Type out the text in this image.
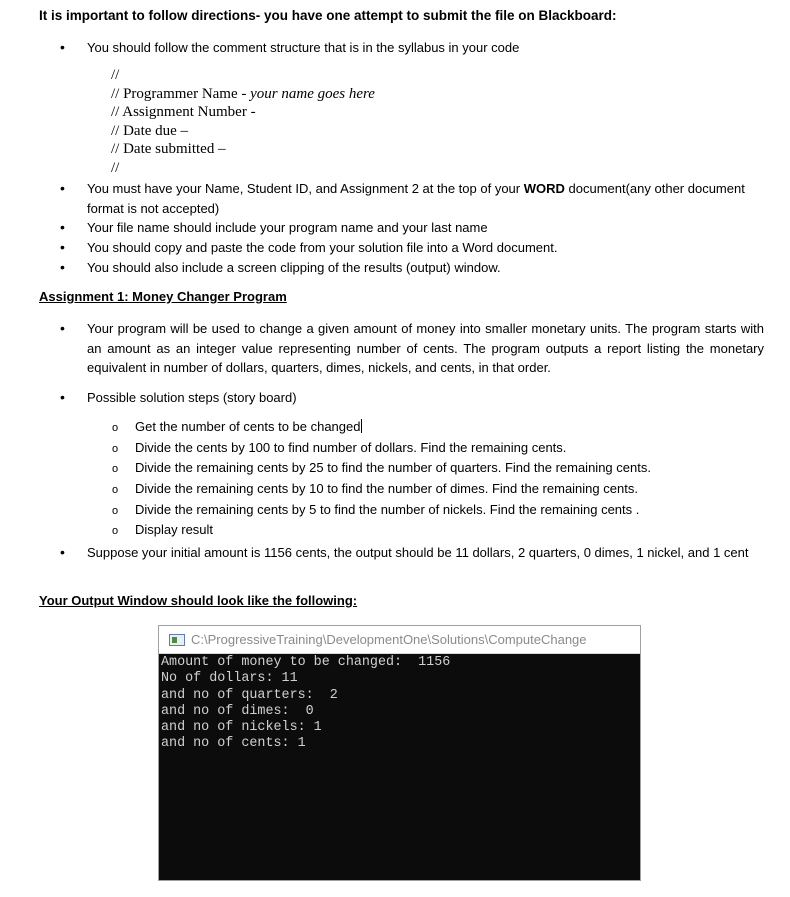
It is important to follow directions- you have one attempt to submit the file on Blackboard:
•	You should follow the comment structure that is in the syllabus in your code
//
// Programmer Name - your name goes here
// Assignment Number -
// Date due –
// Date submitted –
//
•	You must have your Name, Student ID, and Assignment 2 at the top of your WORD document(any other document format is not accepted)
•	Your file name should include your program name and your last name
•	You should copy and paste the code from your solution file into a Word document.
•	You should also include a screen clipping of the results (output) window.
Assignment 1: Money Changer Program
•	Your program will be used to change a given amount of money into smaller monetary units. The program starts with an amount as an integer value representing number of cents. The program outputs a report listing the monetary equivalent in number of dollars, quarters, dimes, nickels, and cents, in that order.
•	Possible solution steps (story board)
o Get the number of cents to be changed
o Divide the cents by 100 to find number of dollars. Find the remaining cents.
o Divide the remaining cents by 25 to find the number of quarters. Find the remaining cents.
o Divide the remaining cents by 10 to find the number of dimes. Find the remaining cents.
o Divide the remaining cents by 5 to find the number of nickels. Find the remaining cents .
o Display result
•	Suppose your initial amount is 1156 cents, the output should be 11 dollars, 2 quarters, 0 dimes, 1 nickel, and 1 cent
Your Output Window should look like the following:
C:\ProgressiveTraining\DevelopmentOne\Solutions\ComputeChange
Amount of money to be changed:  1156
No of dollars: 11
and no of quarters:  2
and no of dimes:  0
and no of nickels: 1
and no of cents: 1
